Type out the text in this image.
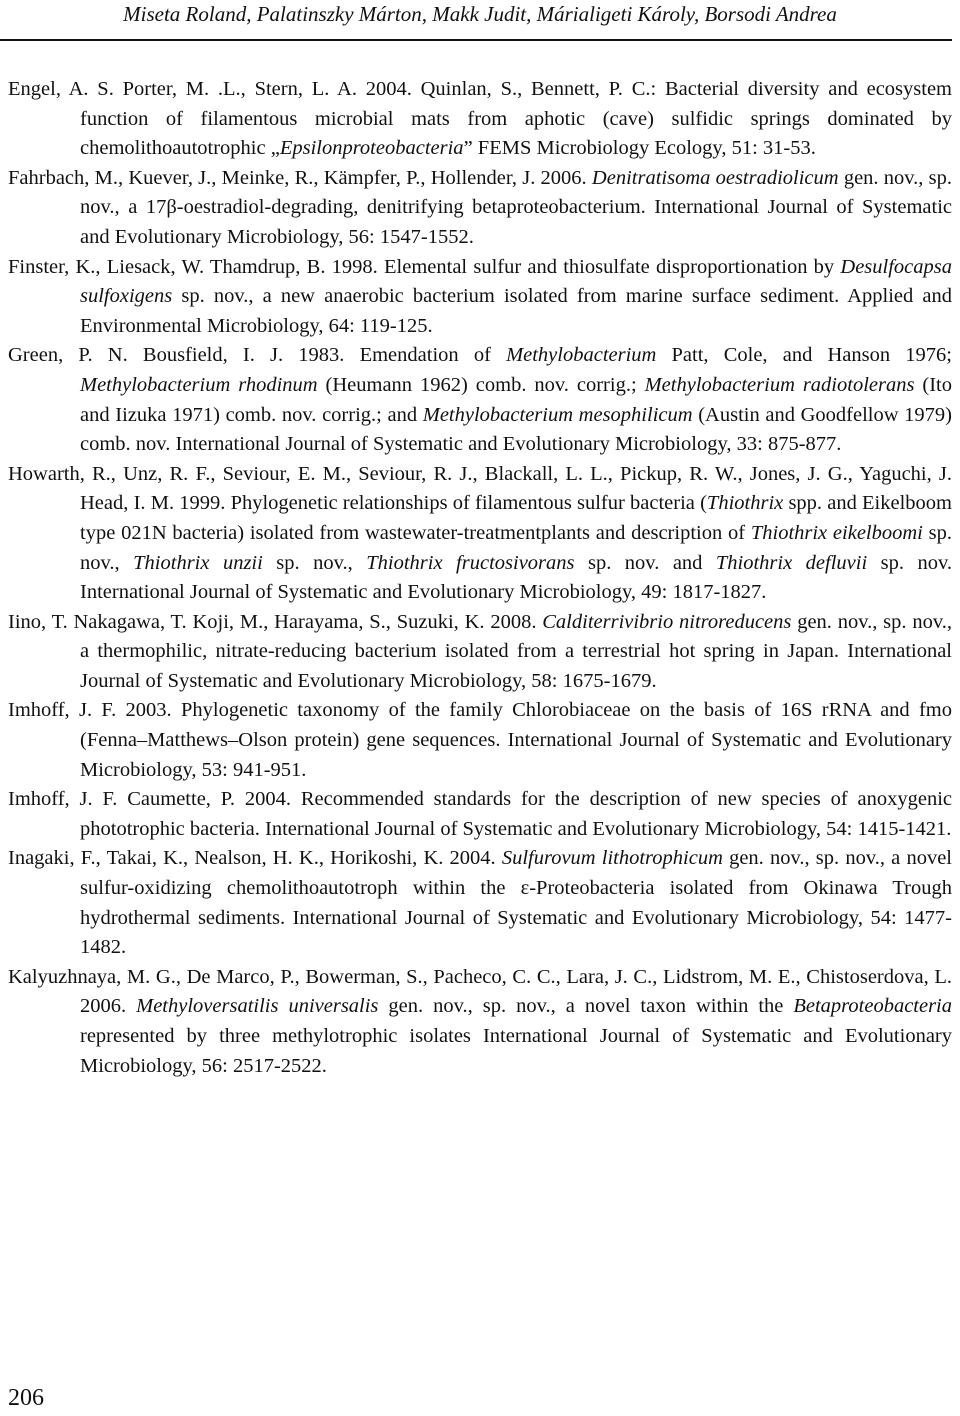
Miseta Roland, Palatinszky Márton, Makk Judit, Márialigeti Károly, Borsodi Andrea

Engel, A. S. Porter, M. .L., Stern, L. A. 2004. Quinlan, S., Bennett, P. C.: Bacterial diversity and ecosystem function of filamentous microbial mats from aphotic (cave) sulfidic springs dominated by chemolithoautotrophic „Epsilonproteobacteria” FEMS Microbiology Ecology, 51: 31-53.

Fahrbach, M., Kuever, J., Meinke, R., Kämpfer, P., Hollender, J. 2006. Denitratisoma oestradiolicum gen. nov., sp. nov., a 17β-oestradiol-degrading, denitrifying betaproteobacterium. International Journal of Systematic and Evolutionary Microbiology, 56: 1547-1552.

Finster, K., Liesack, W. Thamdrup, B. 1998. Elemental sulfur and thiosulfate disproportionation by Desulfocapsa sulfoxigens sp. nov., a new anaerobic bacterium isolated from marine surface sediment. Applied and Environmental Microbiology, 64: 119-125.

Green, P. N. Bousfield, I. J. 1983. Emendation of Methylobacterium Patt, Cole, and Hanson 1976; Methylobacterium rhodinum (Heumann 1962) comb. nov. corrig.; Methylobacterium radiotolerans (Ito and Iizuka 1971) comb. nov. corrig.; and Methylobacterium mesophilicum (Austin and Goodfellow 1979) comb. nov. International Journal of Systematic and Evolutionary Microbiology, 33: 875-877.

Howarth, R., Unz, R. F., Seviour, E. M., Seviour, R. J., Blackall, L. L., Pickup, R. W., Jones, J. G., Yaguchi, J. Head, I. M. 1999. Phylogenetic relationships of filamentous sulfur bacteria (Thiothrix spp. and Eikelboom type 021N bacteria) isolated from wastewater-treatmentplants and description of Thiothrix eikelboomi sp. nov., Thiothrix unzii sp. nov., Thiothrix fructosivorans sp. nov. and Thiothrix defluvii sp. nov. International Journal of Systematic and Evolutionary Microbiology, 49: 1817-1827.

Iino, T. Nakagawa, T. Koji, M., Harayama, S., Suzuki, K. 2008. Calditerrivibrio nitroreducens gen. nov., sp. nov., a thermophilic, nitrate-reducing bacterium isolated from a terrestrial hot spring in Japan. International Journal of Systematic and Evolutionary Microbiology, 58: 1675-1679.

Imhoff, J. F. 2003. Phylogenetic taxonomy of the family Chlorobiaceae on the basis of 16S rRNA and fmo (Fenna–Matthews–Olson protein) gene sequences. International Journal of Systematic and Evolutionary Microbiology, 53: 941-951.

Imhoff, J. F. Caumette, P. 2004. Recommended standards for the description of new species of anoxygenic phototrophic bacteria. International Journal of Systematic and Evolutionary Microbiology, 54: 1415-1421.

Inagaki, F., Takai, K., Nealson, H. K., Horikoshi, K. 2004. Sulfurovum lithotrophicum gen. nov., sp. nov., a novel sulfur-oxidizing chemolithoautotroph within the ε-Proteobacteria isolated from Okinawa Trough hydrothermal sediments. International Journal of Systematic and Evolutionary Microbiology, 54: 1477-1482.

Kalyuzhnaya, M. G., De Marco, P., Bowerman, S., Pacheco, C. C., Lara, J. C., Lidstrom, M. E., Chistoserdova, L. 2006. Methyloversatilis universalis gen. nov., sp. nov., a novel taxon within the Betaproteobacteria represented by three methylotrophic isolates International Journal of Systematic and Evolutionary Microbiology, 56: 2517-2522.

206
